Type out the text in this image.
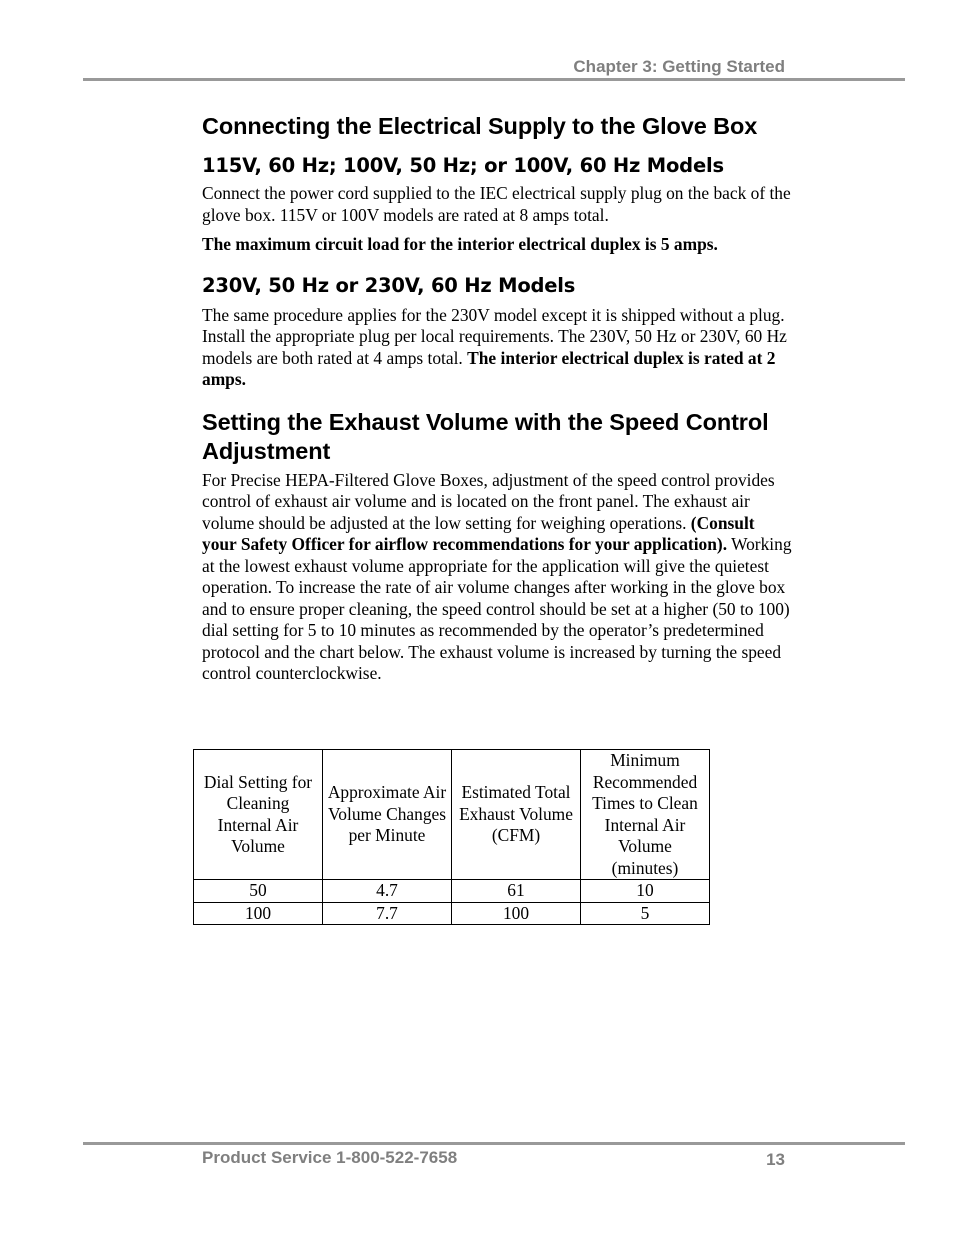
Chapter 3: Getting Started
Connecting the Electrical Supply to the Glove Box
115V, 60 Hz; 100V, 50 Hz; or 100V, 60 Hz Models

Connect the power cord supplied to the IEC electrical supply plug on the back of the glove box. 115V or 100V models are rated at 8 amps total.

The maximum circuit load for the interior electrical duplex is 5 amps.

230V, 50 Hz or 230V, 60 Hz Models

The same procedure applies for the 230V model except it is shipped without a plug. Install the appropriate plug per local requirements. The 230V, 50 Hz or 230V, 60 Hz models are both rated at 4 amps total. The interior electrical duplex is rated at 2 amps.

Setting the Exhaust Volume with the Speed Control Adjustment

For Precise HEPA-Filtered Glove Boxes, adjustment of the speed control provides control of exhaust air volume and is located on the front panel. The exhaust air volume should be adjusted at the low setting for weighing operations. (Consult your Safety Officer for airflow recommendations for your application). Working at the lowest exhaust volume appropriate for the application will give the quietest operation. To increase the rate of air volume changes after working in the glove box and to ensure proper cleaning, the speed control should be set at a higher (50 to 100) dial setting for 5 to 10 minutes as recommended by the operator’s predetermined protocol and the chart below. The exhaust volume is increased by turning the speed control counterclockwise.

Dial Setting for Cleaning Internal Air Volume	Approximate Air Volume Changes per Minute	Estimated Total Exhaust Volume (CFM)	Minimum Recommended Times to Clean Internal Air Volume (minutes)
50	4.7	61	10
100	7.7	100	5
Product Service 1-800-522-7658	13
